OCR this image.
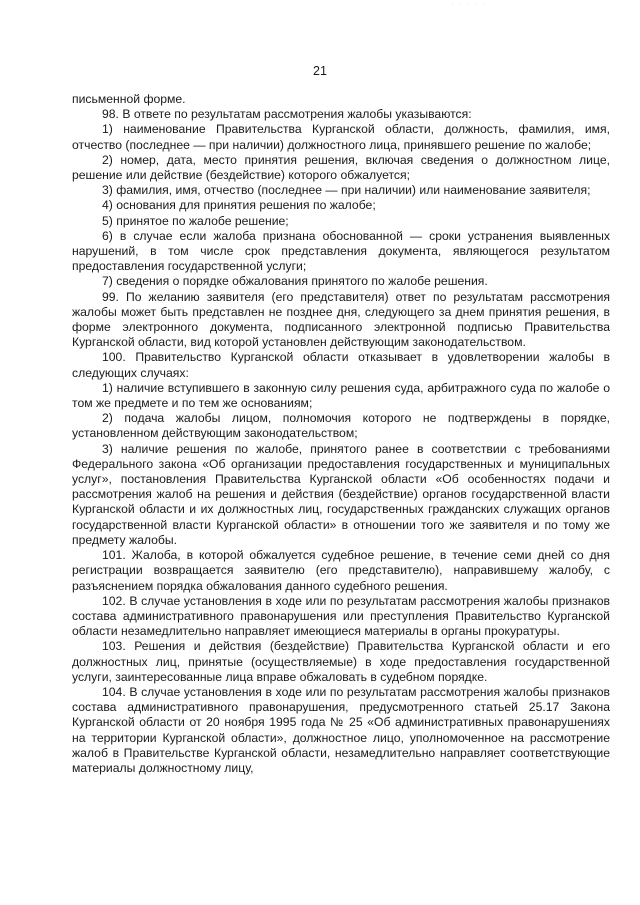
· · · · ·
21

письменной форме.

98. В ответе по результатам рассмотрения жалобы указываются:

1) наименование Правительства Курганской области, должность, фамилия, имя, отчество (последнее — при наличии) должностного лица, принявшего решение по жалобе;

2) номер, дата, место принятия решения, включая сведения о должностном лице, решение или действие (бездействие) которого обжалуется;

3) фамилия, имя, отчество (последнее — при наличии) или наименование заявителя;

4) основания для принятия решения по жалобе;

5) принятое по жалобе решение;

6) в случае если жалоба признана обоснованной — сроки устранения выявленных нарушений, в том числе срок представления документа, являющегося результатом предоставления государственной услуги;

7) сведения о порядке обжалования принятого по жалобе решения.

99. По желанию заявителя (его представителя) ответ по результатам рассмотрения жалобы может быть представлен не позднее дня, следующего за днем принятия решения, в форме электронного документа, подписанного электронной подписью Правительства Курганской области, вид которой установлен действующим законодательством.

100. Правительство Курганской области отказывает в удовлетворении жалобы в следующих случаях:

1) наличие вступившего в законную силу решения суда, арбитражного суда по жалобе о том же предмете и по тем же основаниям;

2) подача жалобы лицом, полномочия которого не подтверждены в порядке, установленном действующим законодательством;

3) наличие решения по жалобе, принятого ранее в соответствии с требованиями Федерального закона «Об организации предоставления государственных и муниципальных услуг», постановления Правительства Курганской области «Об особенностях подачи и рассмотрения жалоб на решения и действия (бездействие) органов государственной власти Курганской области и их должностных лиц, государственных гражданских служащих органов государственной власти Курганской области» в отношении того же заявителя и по тому же предмету жалобы.

101. Жалоба, в которой обжалуется судебное решение, в течение семи дней со дня регистрации возвращается заявителю (его представителю), направившему жалобу, с разъяснением порядка обжалования данного судебного решения.

102. В случае установления в ходе или по результатам рассмотрения жалобы признаков состава административного правонарушения или преступления Правительство Курганской области незамедлительно направляет имеющиеся материалы в органы прокуратуры.

103. Решения и действия (бездействие) Правительства Курганской области и его должностных лиц, принятые (осуществляемые) в ходе предоставления государственной услуги, заинтересованные лица вправе обжаловать в судебном порядке.

104. В случае установления в ходе или по результатам рассмотрения жалобы признаков состава административного правонарушения, предусмотренного статьей 25.17 Закона Курганской области от 20 ноября 1995 года № 25 «Об административных правонарушениях на территории Курганской области», должностное лицо, уполномоченное на рассмотрение жалоб в Правительстве Курганской области, незамедлительно направляет соответствующие материалы должностному лицу,
